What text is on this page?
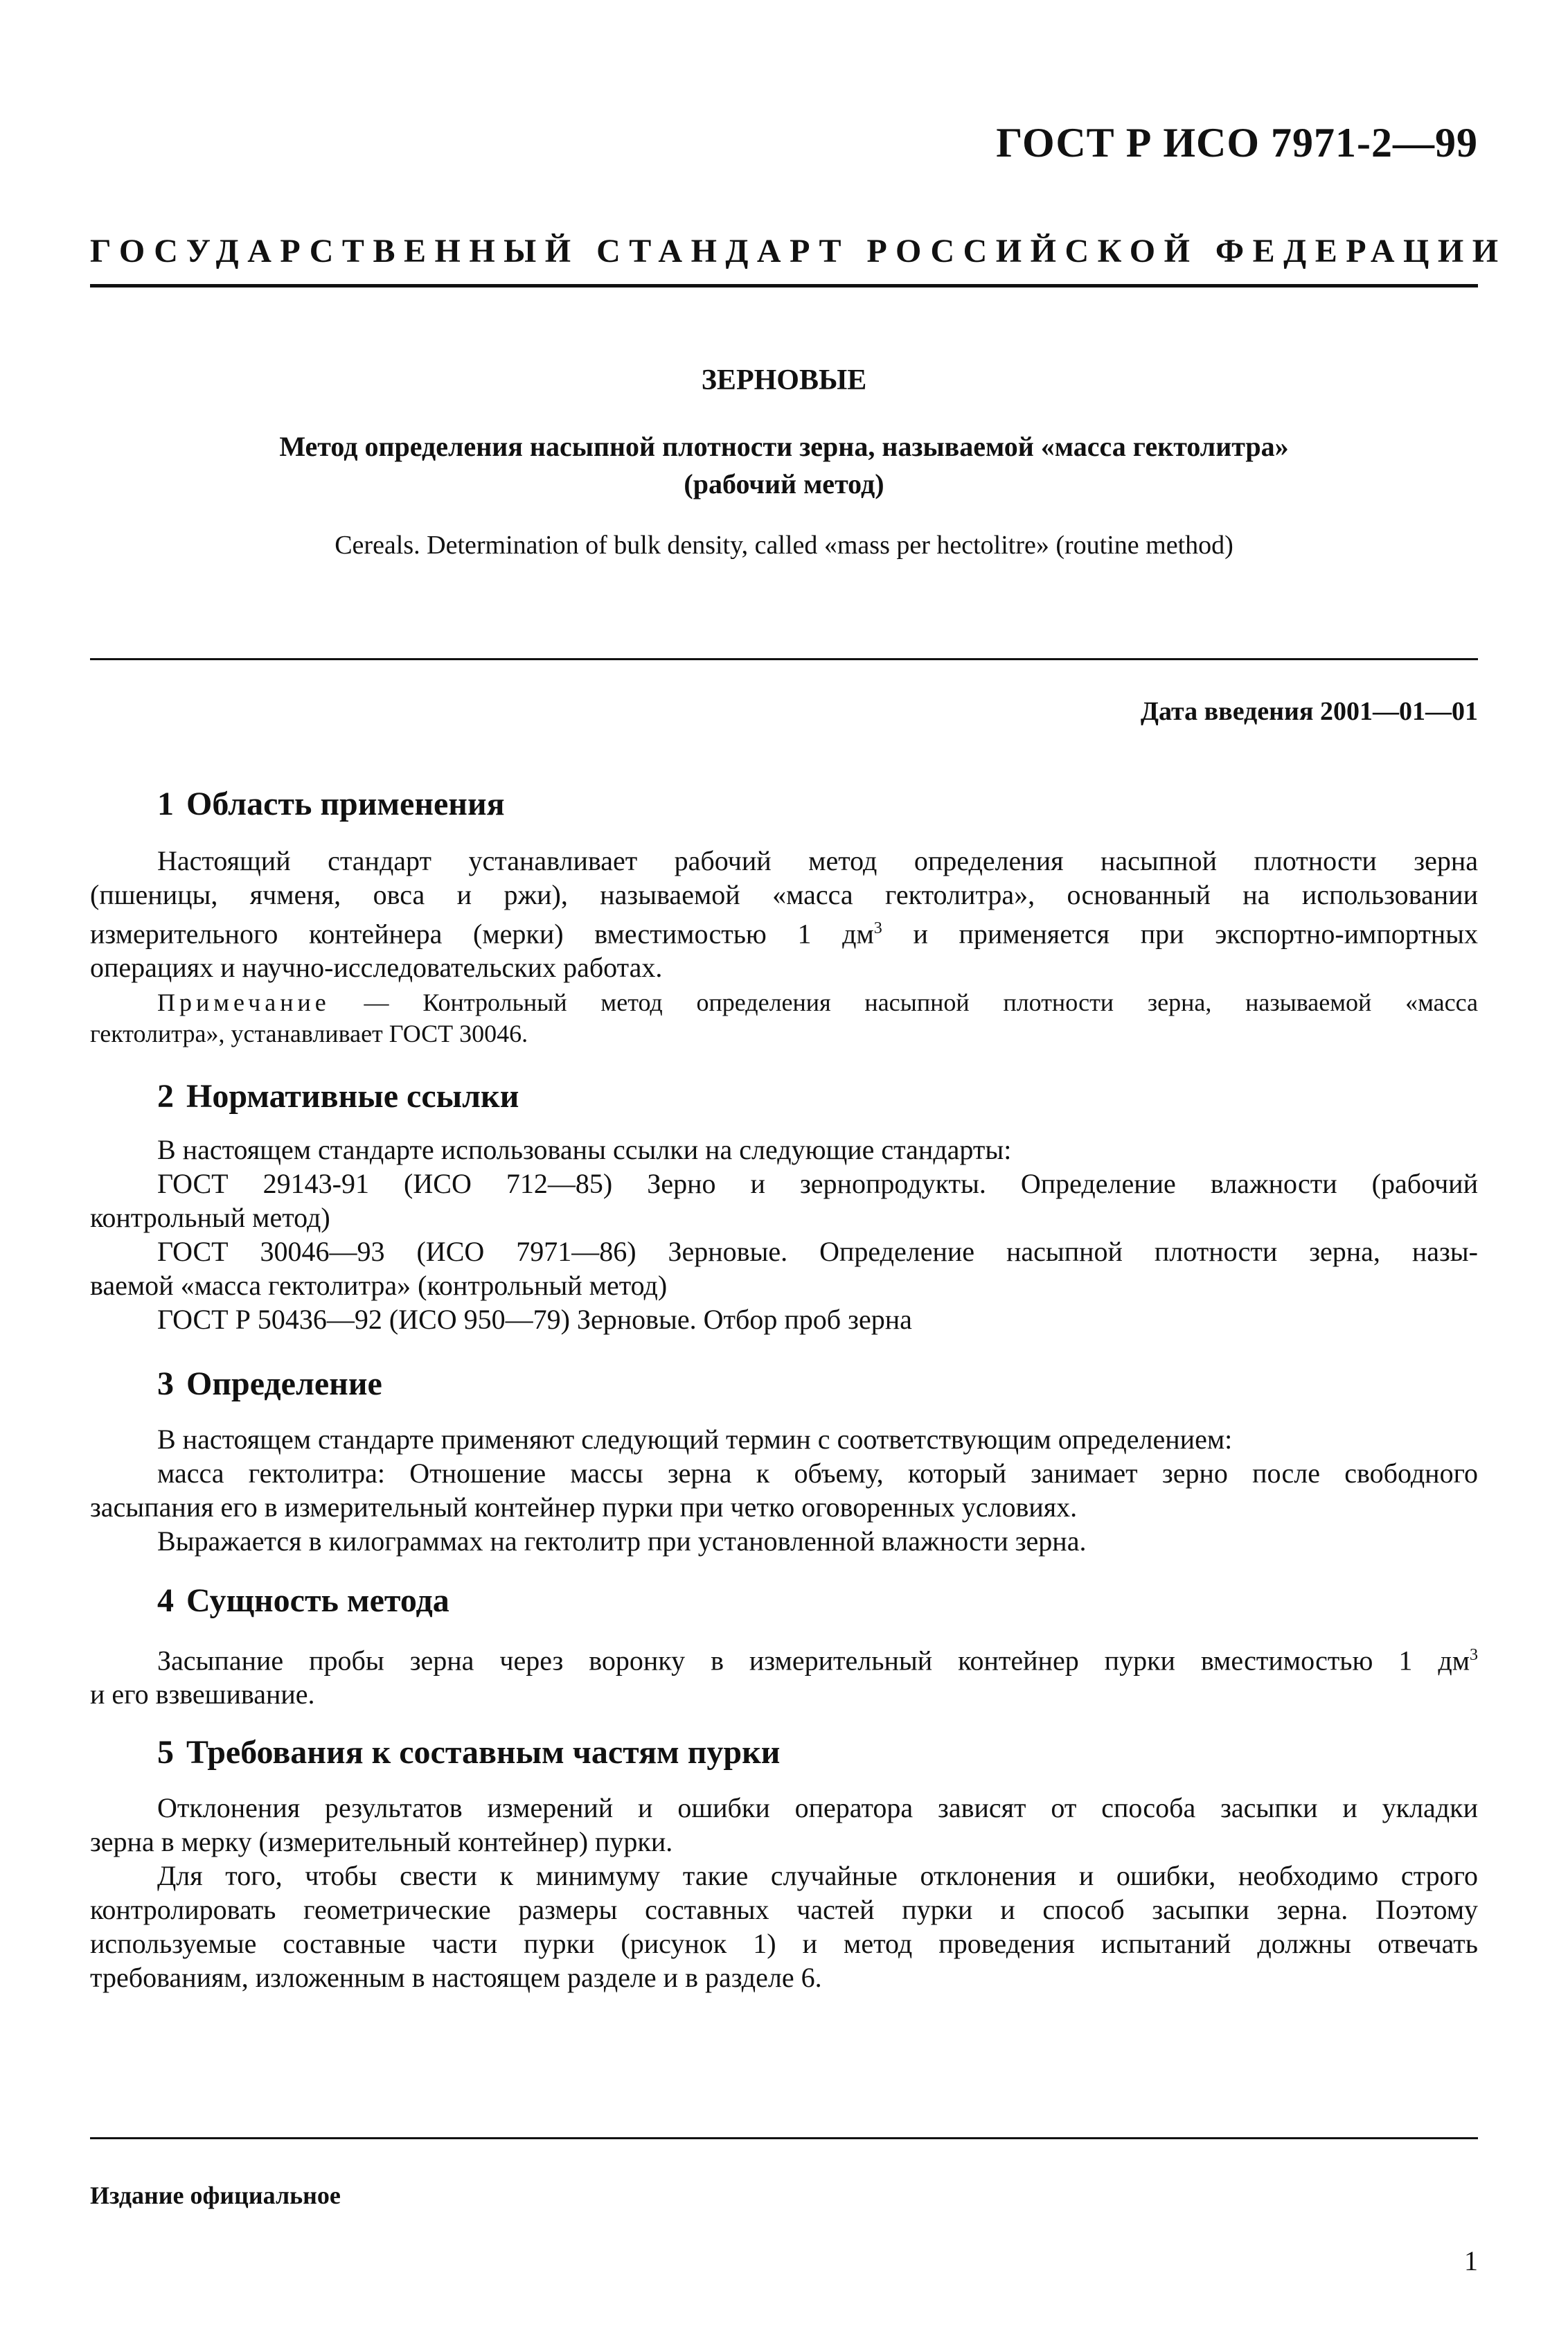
ГОСТ Р ИСО 7971-2—99
ГОСУДАРСТВЕННЫЙ СТАНДАРТ РОССИЙСКОЙ ФЕДЕРАЦИИ
ЗЕРНОВЫЕ
Метод определения насыпной плотности зерна, называемой «масса гектолитра»
(рабочий метод)
Cereals. Determination of bulk density, called «mass per hectolitre» (routine method)
Дата введения 2001—01—01
1 Область применения
Настоящий стандарт устанавливает рабочий метод определения насыпной плотности зерна
(пшеницы, ячменя, овса и ржи), называемой «масса гектолитра», основанный на использовании
измерительного контейнера (мерки) вместимостью 1 $дм^3$ и применяется при экспортно-импортных
операциях и научно-исследовательских работах.
Примечание — Контрольный метод определения насыпной плотности зерна, называемой «масса
гектолитра», устанавливает ГОСТ 30046.
2 Нормативные ссылки
В настоящем стандарте использованы ссылки на следующие стандарты:
ГОСТ 29143-91 (ИСО 712—85) Зерно и зернопродукты. Определение влажности (рабочий
контрольный метод)
ГОСТ 30046—93 (ИСО 7971—86) Зерновые. Определение насыпной плотности зерна, назы-
ваемой «масса гектолитра» (контрольный метод)
ГОСТ Р 50436—92 (ИСО 950—79) Зерновые. Отбор проб зерна
3 Определение
В настоящем стандарте применяют следующий термин с соответствующим определением:
масса гектолитра: Отношение массы зерна к объему, который занимает зерно после свободного
засыпания его в измерительный контейнер пурки при четко оговоренных условиях.
Выражается в килограммах на гектолитр при установленной влажности зерна.
4 Сущность метода
Засыпание пробы зерна через воронку в измерительный контейнер пурки вместимостью 1 $дм^3$
и его взвешивание.
5 Требования к составным частям пурки
Отклонения результатов измерений и ошибки оператора зависят от способа засыпки и укладки
зерна в мерку (измерительный контейнер) пурки.
Для того, чтобы свести к минимуму такие случайные отклонения и ошибки, необходимо строго
контролировать геометрические размеры составных частей пурки и способ засыпки зерна. Поэтому
используемые составные части пурки (рисунок 1) и метод проведения испытаний должны отвечать
требованиям, изложенным в настоящем разделе и в разделе 6.
Издание официальное
1
